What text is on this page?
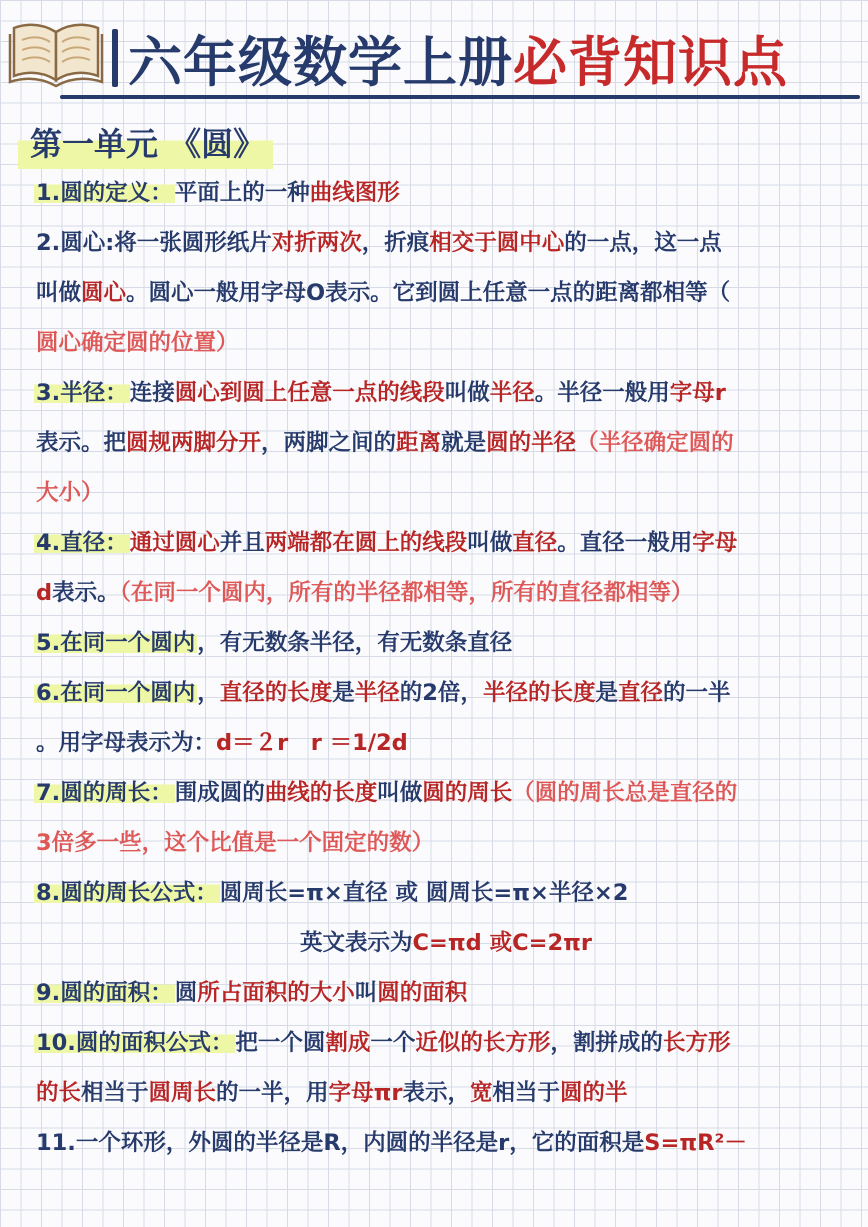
六年级数学上册 必背知识点
第一单元 《圆》
1.圆的定义：平面上的一种曲线图形
2.圆心:将一张圆形纸片对折两次，折痕相交于圆中心的一点，这一点
叫做圆心。圆心一般用字母O表示。它到圆上任意一点的距离都相等（
圆心确定圆的位置）
3.半径：连接圆心到圆上任意一点的线段叫做半径。半径一般用字母r
表示。把圆规两脚分开，两脚之间的距离就是圆的半径（半径确定圆的
大小）
4.直径：通过圆心并且两端都在圆上的线段叫做直径。直径一般用字母
d表示。（在同一个圆内，所有的半径都相等，所有的直径都相等）
5.在同一个圆内，有无数条半径，有无数条直径
6.在同一个圆内，直径的长度是半径的2倍，半径的长度是直径的一半
。用字母表示为：d＝２r　r ＝1/2d
7.圆的周长：围成圆的曲线的长度叫做圆的周长（圆的周长总是直径的
3倍多一些，这个比值是一个固定的数）
8.圆的周长公式：圆周长=π×直径 或 圆周长=π×半径×2
英文表示为C=πd 或C=2πr
9.圆的面积：圆所占面积的大小叫圆的面积
10.圆的面积公式：把一个圆割成一个近似的长方形，割拼成的长方形
的长相当于圆周长的一半，用字母πr表示，宽相当于圆的半
11.一个环形，外圆的半径是R，内圆的半径是r，它的面积是S=πR²－
